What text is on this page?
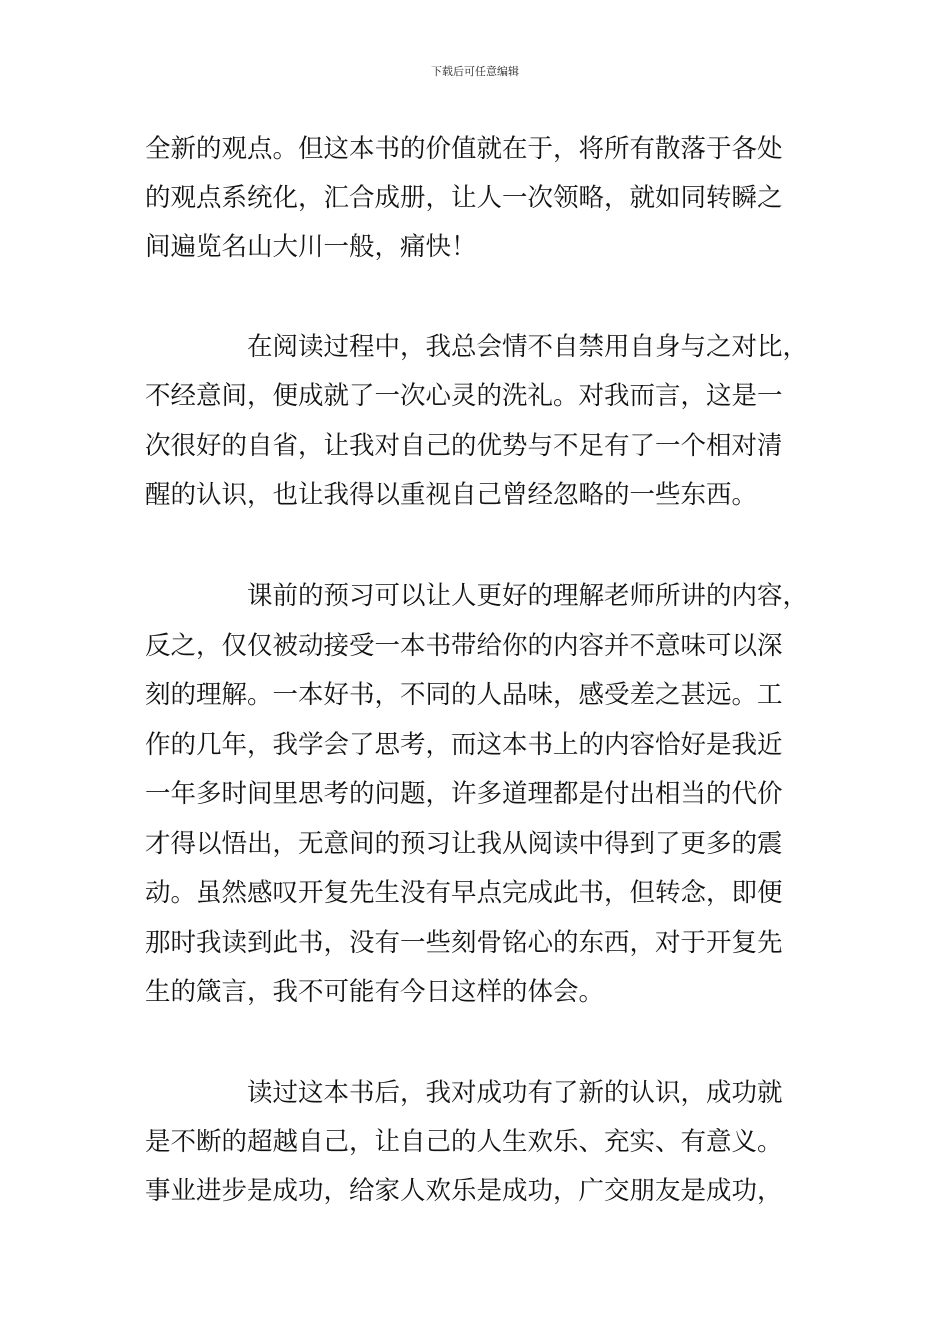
下载后可任意编辑
全新的观点。但这本书的价值就在于，将所有散落于各处
的观点系统化，汇合成册，让人一次领略，就如同转瞬之
间遍览名山大川一般，痛快！
　　　　在阅读过程中，我总会情不自禁用自身与之对比，
不经意间，便成就了一次心灵的洗礼。对我而言，这是一
次很好的自省，让我对自己的优势与不足有了一个相对清
醒的认识，也让我得以重视自己曾经忽略的一些东西。
　　　　课前的预习可以让人更好的理解老师所讲的内容，
反之，仅仅被动接受一本书带给你的内容并不意味可以深
刻的理解。一本好书，不同的人品味，感受差之甚远。工
作的几年，我学会了思考，而这本书上的内容恰好是我近
一年多时间里思考的问题，许多道理都是付出相当的代价
才得以悟出，无意间的预习让我从阅读中得到了更多的震
动。虽然感叹开复先生没有早点完成此书，但转念，即便
那时我读到此书，没有一些刻骨铭心的东西，对于开复先
生的箴言，我不可能有今日这样的体会。
　　　　读过这本书后，我对成功有了新的认识，成功就
是不断的超越自己，让自己的人生欢乐、充实、有意义。
事业进步是成功，给家人欢乐是成功，广交朋友是成功，
